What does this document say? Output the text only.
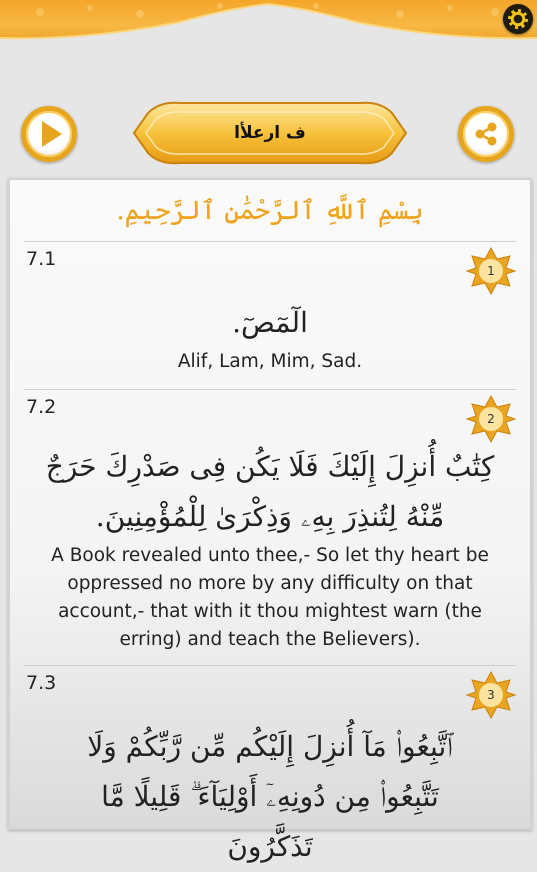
ﻑ ارعلأا
بِسْمِ ٱللَّهِ ٱلرَّحْمَٰنِ ٱلرَّحِيمِ.
7.1
1
الٓمٓصٓ.
Alif, Lam, Mim, Sad.
7.2
2
كِتَٰبٌ أُنزِلَ إِلَيْكَ فَلَا يَكُن فِى صَدْرِكَ حَرَجٌ مِّنْهُ لِتُنذِرَ بِهِۦ وَذِكْرَىٰ لِلْمُؤْمِنِينَ.
A Book revealed unto thee,- So let thy heart be oppressed no more by any difficulty on that account,- that with it thou mightest warn (the erring) and teach the Believers).
7.3
3
ٱتَّبِعُوا۟ مَآ أُنزِلَ إِلَيْكُم مِّن رَّبِّكُمْ وَلَا تَتَّبِعُوا۟ مِن دُونِهِۦٓ أَوْلِيَآءَ ۗ قَلِيلًا مَّا تَذَكَّرُونَ
